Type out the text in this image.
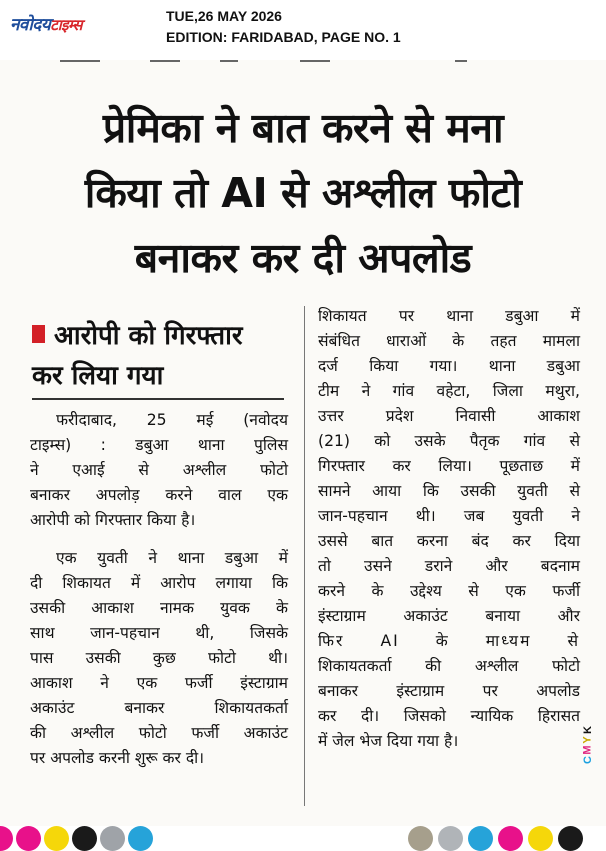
नवोदयटाइम्स	TUE,26 MAY 2026
EDITION: FARIDABAD, PAGE NO. 1
प्रेमिका ने बात करने से मना
किया तो AI से अश्लील फोटो
बनाकर कर दी अपलोड
आरोपी को गिरफ्तार
कर लिया गया

फरीदाबाद, 25 मई (नवोदय

टाइम्स) : डबुआ थाना पुलिस

ने एआई से अश्लील फोटो

बनाकर अपलोड़ करने वाल एक

आरोपी को गिरफ्तार किया है।

एक युवती ने थाना डबुआ में

दी शिकायत में आरोप लगाया कि

उसकी आकाश नामक युवक के

साथ जान-पहचान थी, जिसके

पास उसकी कुछ फोटो थी।

आकाश ने एक फर्जी इंस्टाग्राम

अकाउंट बनाकर शिकायतकर्ता

की अश्लील फोटो फर्जी अकाउंट

पर अपलोड करनी शुरू कर दी।

शिकायत पर थाना डबुआ में

संबंधित धाराओं के तहत मामला

दर्ज किया गया। थाना डबुआ

टीम ने गांव वहेटा, जिला मथुरा,

उत्तर प्रदेश निवासी आकाश

(21) को उसके पैतृक गांव से

गिरफ्तार कर लिया। पूछताछ में

सामने आया कि उसकी युवती से

जान-पहचान थी। जब युवती ने

उससे बात करना बंद कर दिया

तो उसने डराने और बदनाम

करने के उद्देश्य से एक फर्जी

इंस्टाग्राम अकाउंट बनाया और

फिर AI के माध्यम से

शिकायतकर्ता की अश्लील फोटो

बनाकर इंस्टाग्राम पर अपलोड

कर दी। जिसको न्यायिक हिरासत

में जेल भेज दिया गया है।

C
M
Y
K
